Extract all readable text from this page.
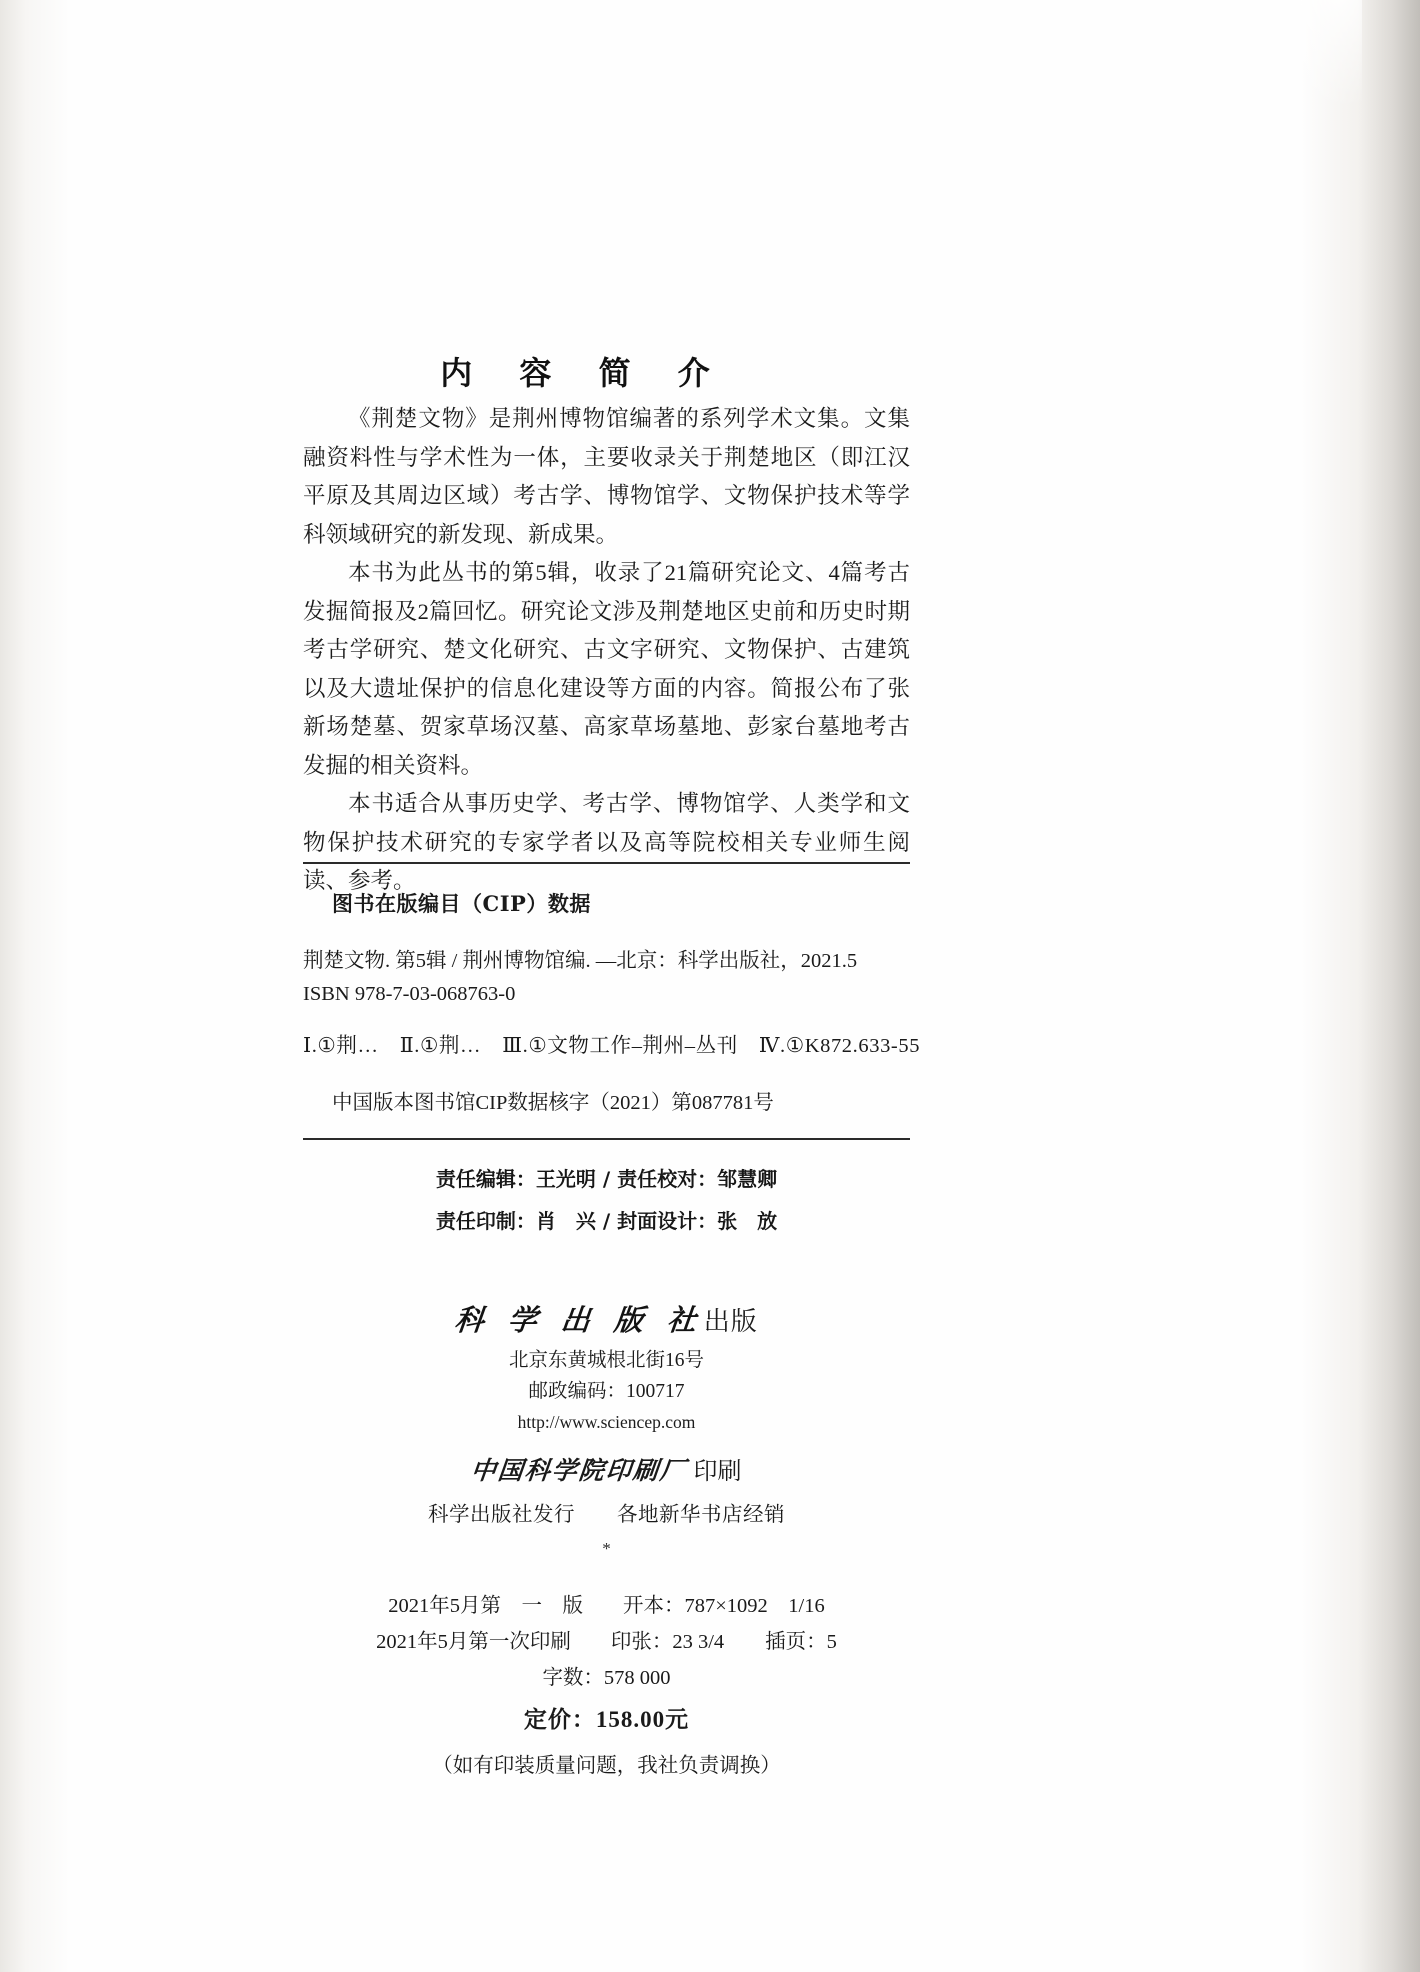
内 容 简 介

《荆楚文物》是荆州博物馆编著的系列学术文集。文集融资料性与学术性为一体，主要收录关于荆楚地区（即江汉平原及其周边区域）考古学、博物馆学、文物保护技术等学科领域研究的新发现、新成果。

本书为此丛书的第5辑，收录了21篇研究论文、4篇考古发掘简报及2篇回忆。研究论文涉及荆楚地区史前和历史时期考古学研究、楚文化研究、古文字研究、文物保护、古建筑以及大遗址保护的信息化建设等方面的内容。简报公布了张新场楚墓、贺家草场汉墓、高家草场墓地、彭家台墓地考古发掘的相关资料。

本书适合从事历史学、考古学、博物馆学、人类学和文物保护技术研究的专家学者以及高等院校相关专业师生阅读、参考。

图书在版编目（CIP）数据
荆楚文物. 第5辑 / 荆州博物馆编. —北京：科学出版社，2021.5
ISBN 978-7-03-068763-0
Ⅰ.①荆…　Ⅱ.①荆…　Ⅲ.①文物工作–荆州–丛刊　Ⅳ.①K872.633-55
中国版本图书馆CIP数据核字（2021）第087781号
责任编辑：王光明 / 责任校对：邹慧卿
责任印制：肖　兴 / 封面设计：张　放
科 学 出 版 社出版
北京东黄城根北街16号
邮政编码：100717
http://www.sciencep.com
中国科学院印刷厂 印刷
科学出版社发行　　各地新华书店经销
*
2021年5月第　一　版 开本：787×1092　1/16
2021年5月第一次印刷 印张：23 3/4　　插页：5
字数：578 000
定价：158.00元
（如有印装质量问题，我社负责调换）
